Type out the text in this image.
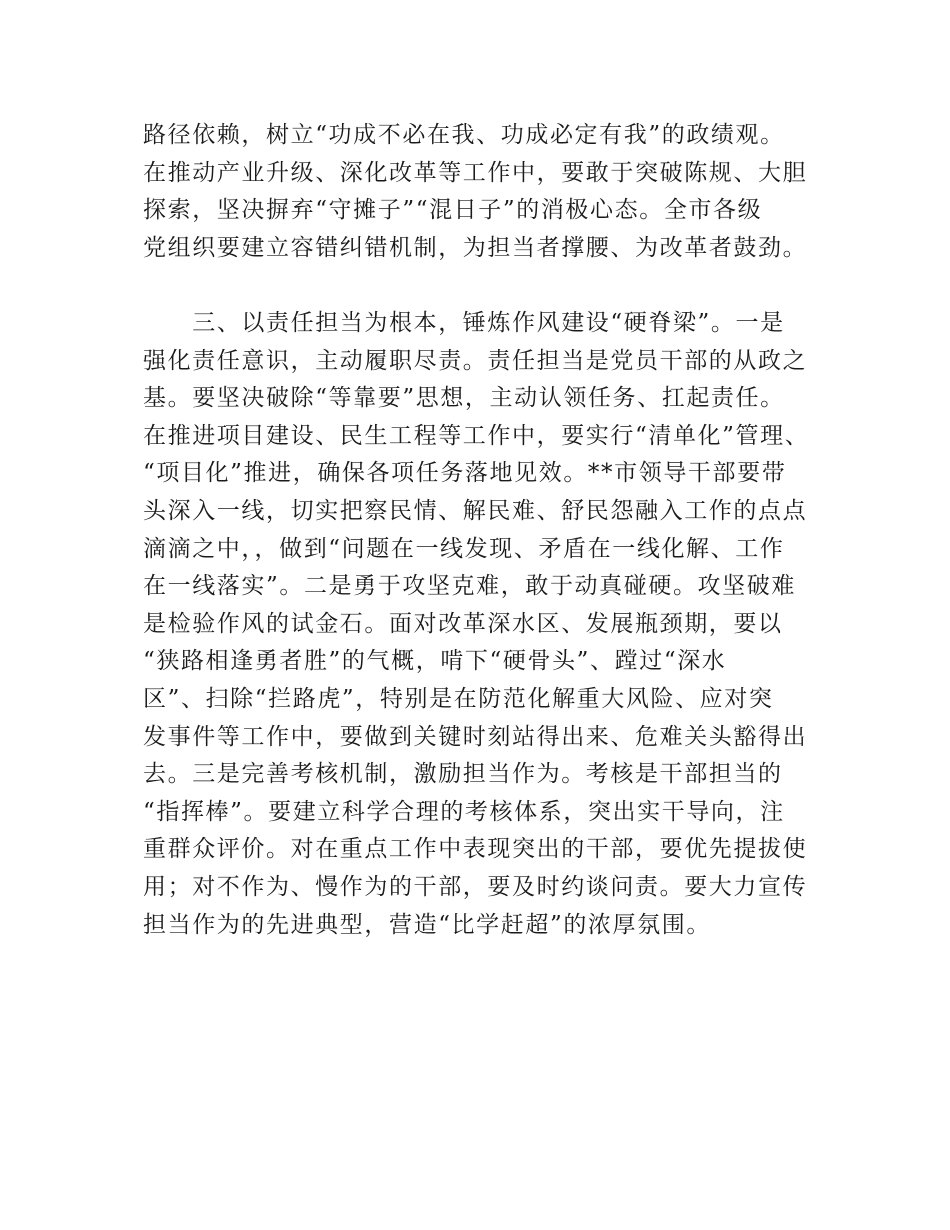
路径依赖，树立“功成不必在我、功成必定有我”的政绩观。
在推动产业升级、深化改革等工作中，要敢于突破陈规、大胆
探索，坚决摒弃“守摊子”“混日子”的消极心态。全市各级
党组织要建立容错纠错机制，为担当者撑腰、为改革者鼓劲。
　　三、以责任担当为根本，锤炼作风建设“硬脊梁”。一是
强化责任意识，主动履职尽责。责任担当是党员干部的从政之
基。要坚决破除“等靠要”思想，主动认领任务、扛起责任。
在推进项目建设、民生工程等工作中，要实行“清单化”管理、
“项目化”推进，确保各项任务落地见效。**市领导干部要带
头深入一线，切实把察民情、解民难、舒民怨融入工作的点点
滴滴之中，，做到“问题在一线发现、矛盾在一线化解、工作
在一线落实”。二是勇于攻坚克难，敢于动真碰硬。攻坚破难
是检验作风的试金石。面对改革深水区、发展瓶颈期，要以
“狭路相逢勇者胜”的气概，啃下“硬骨头”、蹚过“深水
区”、扫除“拦路虎”，特别是在防范化解重大风险、应对突
发事件等工作中，要做到关键时刻站得出来、危难关头豁得出
去。三是完善考核机制，激励担当作为。考核是干部担当的
“指挥棒”。要建立科学合理的考核体系，突出实干导向，注
重群众评价。对在重点工作中表现突出的干部，要优先提拔使
用；对不作为、慢作为的干部，要及时约谈问责。要大力宣传
担当作为的先进典型，营造“比学赶超”的浓厚氛围。
